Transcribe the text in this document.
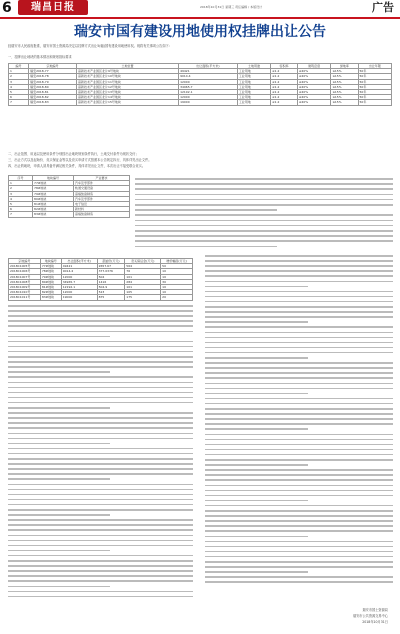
6	瑞昌日报	2018年10月31日 星期三 责任编辑 / 本版设计	广告
瑞安市国有建设用地使用权挂牌出让公告

经瑞安市人民政府批准，瑞安市国土资源局决定以挂牌方式出让5(幅)国有建设用地使用权。现将有关事项公告如下：

一、挂牌出让地块的基本情况和规划指标要求

编号	宗地编号	土地位置	出让面积(平方米)	土地用途	容积率	建筑密度	绿地率	出让年限
1	瑞安2018-77	高新技术产业园区北片9号地块	49421	工业用地	≥1.2	≥40%	≤15%	50年
2	瑞安2018-78	高新技术产业园区北片10号地块	9014.4	工业用地	≥1.2	≥40%	≤15%	50年
3	瑞安2018-79	高新技术产业园区北片11号地块	12000	工业用地	≥1.2	≥40%	≤15%	50年
4	瑞安2018-80	高新技术产业园区北片12号地块	34965.7	工业用地	≥1.2	≥40%	≤15%	50年
5	瑞安2018-81	高新技术产业园区北片13号地块	12192.1	工业用地	≥1.2	≥40%	≤15%	50年
6	瑞安2018-82	高新技术产业园区北片14号地块	12000	工业用地	≥1.2	≥40%	≤15%	50年
7	瑞安2018-83	高新技术产业园区北片15号地块	19000	工业用地	≥1.2	≥40%	≤15%	50年

二、出让范围、用途以及使用条件分别按出让地块规划条件执行，土地交付条件为现状交付；

三、出让方式以及起始价、竞买保证金等以及竞买申请方式按照本公告规定执行，具体详见出让文件。

四、出让的地块，申请人须具备并满足相关条件，具体详见出让文件，本次出让不接受联合竞买。

序号	地块编号	产业要求
1	77#地块	汽车及零部件
2	78#地块	轨道交通设备
3	79#地块	高端装备制造
4	80#地块	汽车及零部件
5	81#地块	电子信息
6	82#地块	新材料
7	83#地块	高端装备制造
宗地编号	地块编号	出让面积(平方米)	起始价(万元)	竞买保证金(万元)	增价幅度(万元)
2018C1005号	77#地块	49421	2657.67	564	50
2018C1006号	78#地块	9014.4	377.0376	76	10
2018C1007号	79#地块	12000	504	101	10
2018C1008号	80#地块	34965.7	1416	284	30
2018C1009号	81#地块	12192.1	504.9	101	10
2018C1010号	82#地块	12000	523	105	10
2018C1011号	83#地块	19000	875	175	20
瑞安市国土资源局
瑞安市公共资源交易中心
2018年10月31日
